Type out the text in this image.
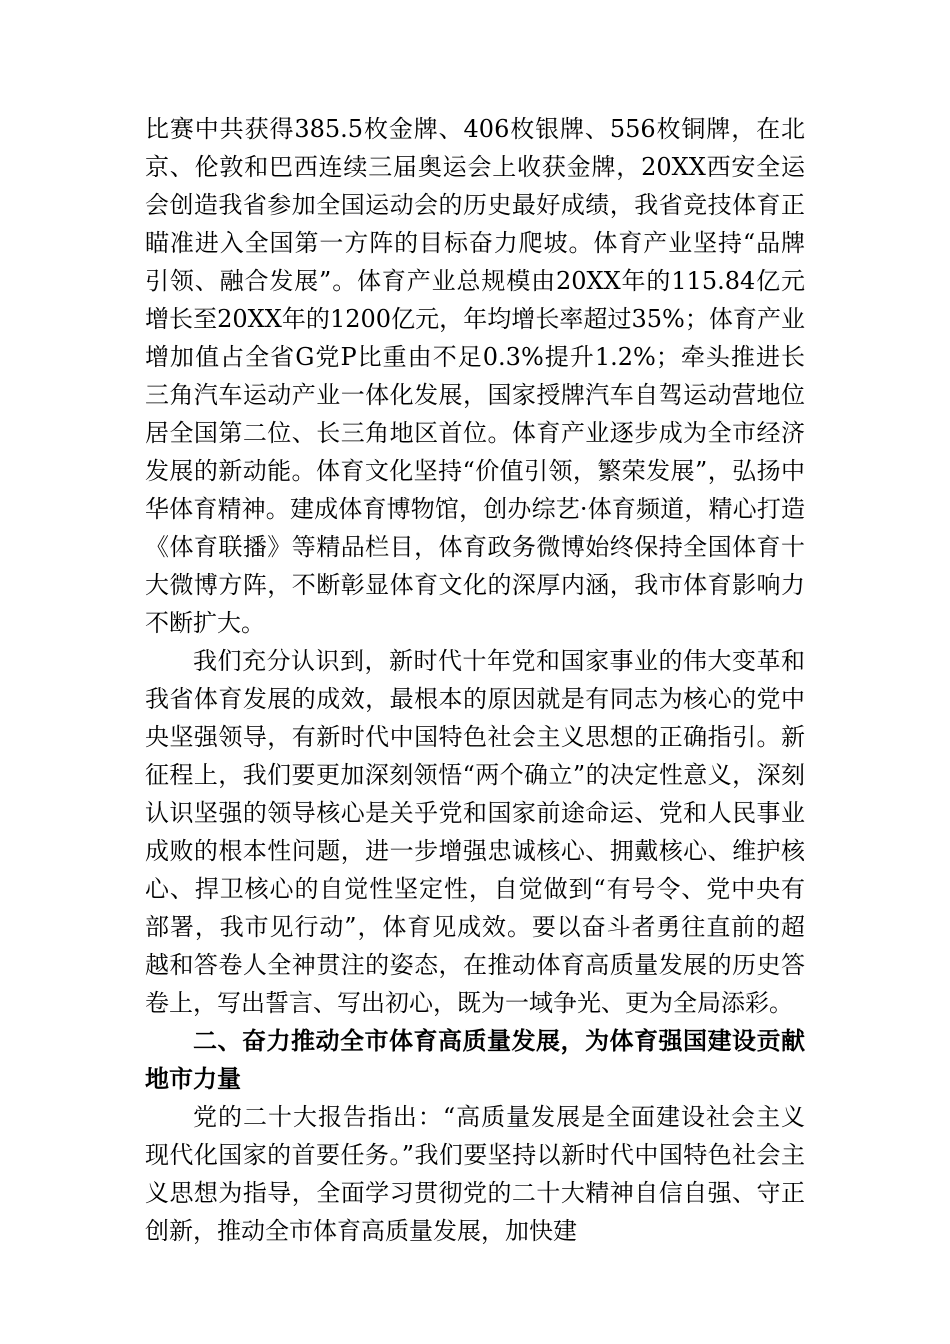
比赛中共获得385.5枚金牌、406枚银牌、556枚铜牌，在北京、伦敦和巴西连续三届奥运会上收获金牌，20XX西安全运会创造我省参加全国运动会的历史最好成绩，我省竞技体育正瞄准进入全国第一方阵的目标奋力爬坡。体育产业坚持“品牌引领、融合发展”。体育产业总规模由20XX年的115.84亿元增长至20XX年的1200亿元，年均增长率超过35%；体育产业增加值占全省G党P比重由不足0.3%提升1.2%；牵头推进长三角汽车运动产业一体化发展，国家授牌汽车自驾运动营地位居全国第二位、长三角地区首位。体育产业逐步成为全市经济发展的新动能。体育文化坚持“价值引领，繁荣发展”，弘扬中华体育精神。建成体育博物馆，创办综艺·体育频道，精心打造《体育联播》等精品栏目，体育政务微博始终保持全国体育十大微博方阵，不断彰显体育文化的深厚内涵，我市体育影响力不断扩大。

我们充分认识到，新时代十年党和国家事业的伟大变革和我省体育发展的成效，最根本的原因就是有同志为核心的党中央坚强领导，有新时代中国特色社会主义思想的正确指引。新征程上，我们要更加深刻领悟“两个确立”的决定性意义，深刻认识坚强的领导核心是关乎党和国家前途命运、党和人民事业成败的根本性问题，进一步增强忠诚核心、拥戴核心、维护核心、捍卫核心的自觉性坚定性，自觉做到“有号令、党中央有部署，我市见行动”，体育见成效。要以奋斗者勇往直前的超越和答卷人全神贯注的姿态，在推动体育高质量发展的历史答卷上，写出誓言、写出初心，既为一域争光、更为全局添彩。

二、奋力推动全市体育高质量发展，为体育强国建设贡献地市力量

党的二十大报告指出：“高质量发展是全面建设社会主义现代化国家的首要任务。”我们要坚持以新时代中国特色社会主义思想为指导，全面学习贯彻党的二十大精神自信自强、守正创新，推动全市体育高质量发展，加快建
